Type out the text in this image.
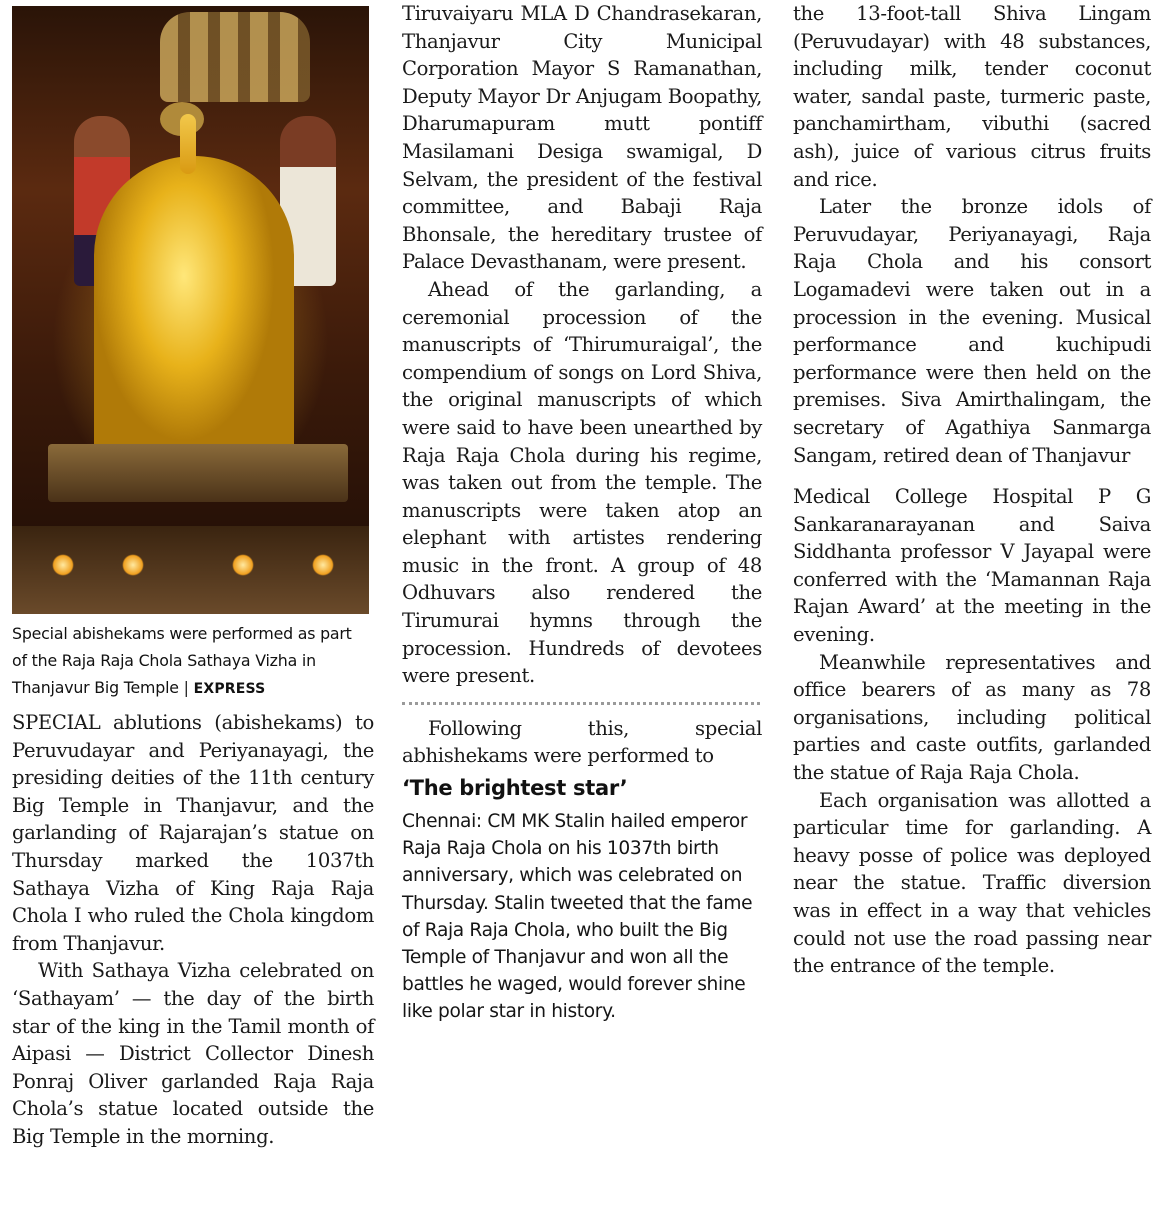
Special abishekams were performed as part of the Raja Raja Chola Sathaya Vizha in Thanjavur Big Temple | EXPRESS

SPECIAL ablutions (abishekams) to Peruvudayar and Periyanayagi, the presiding deities of the 11th century Big Temple in Thanjavur, and the garlanding of Rajarajan’s statue on Thursday marked the 1037th Sathaya Vizha of King Raja Raja Chola I who ruled the Chola kingdom from Thanjavur.

With Sathaya Vizha celebrated on ‘Sathayam’ — the day of the birth star of the king in the Tamil month of Aipasi — District Collector Dinesh Ponraj Oliver garlanded Raja Raja Chola’s statue located outside the Big Temple in the morning.

Tiruvaiyaru MLA D Chandrasekaran, Thanjavur City Municipal Corporation Mayor S Ramanathan, Deputy Mayor Dr Anjugam Boopathy, Dharumapuram mutt pontiff Masilamani Desiga swamigal, D Selvam, the president of the festival committee, and Babaji Raja Bhonsale, the hereditary trustee of Palace Devasthanam, were present.

Ahead of the garlanding, a ceremonial procession of the manuscripts of ‘Thirumuraigal’, the compendium of songs on Lord Shiva, the original manuscripts of which were said to have been unearthed by Raja Raja Chola during his regime, was taken out from the temple. The manuscripts were taken atop an elephant with artistes rendering music in the front. A group of 48 Odhuvars also rendered the Tirumurai hymns through the procession. Hundreds of devotees were present.

Following this, special abhishekams were performed to

‘The brightest star’
Chennai: CM MK Stalin hailed emperor Raja Raja Chola on his 1037th birth anniversary, which was celebrated on Thursday. Stalin tweeted that the fame of Raja Raja Chola, who built the Big Temple of Thanjavur and won all the battles he waged, would forever shine like polar star in history.

the 13-foot-tall Shiva Lingam (Peruvudayar) with 48 substances, including milk, tender coconut water, sandal paste, turmeric paste, panchamirtham, vibuthi (sacred ash), juice of various citrus fruits and rice.

Later the bronze idols of Peruvudayar, Periyanayagi, Raja Raja Chola and his consort Logamadevi were taken out in a procession in the evening. Musical performance and kuchipudi performance were then held on the premises. Siva Amirthalingam, the secretary of Agathiya Sanmarga Sangam, retired dean of Thanjavur

Medical College Hospital P G Sankaranarayanan and Saiva Siddhanta professor V Jayapal were conferred with the ‘Mamannan Raja Rajan Award’ at the meeting in the evening.

Meanwhile representatives and office bearers of as many as 78 organisations, including political parties and caste outfits, garlanded the statue of Raja Raja Chola.

Each organisation was allotted a particular time for garlanding. A heavy posse of police was deployed near the statue. Traffic diversion was in effect in a way that vehicles could not use the road passing near the entrance of the temple.
